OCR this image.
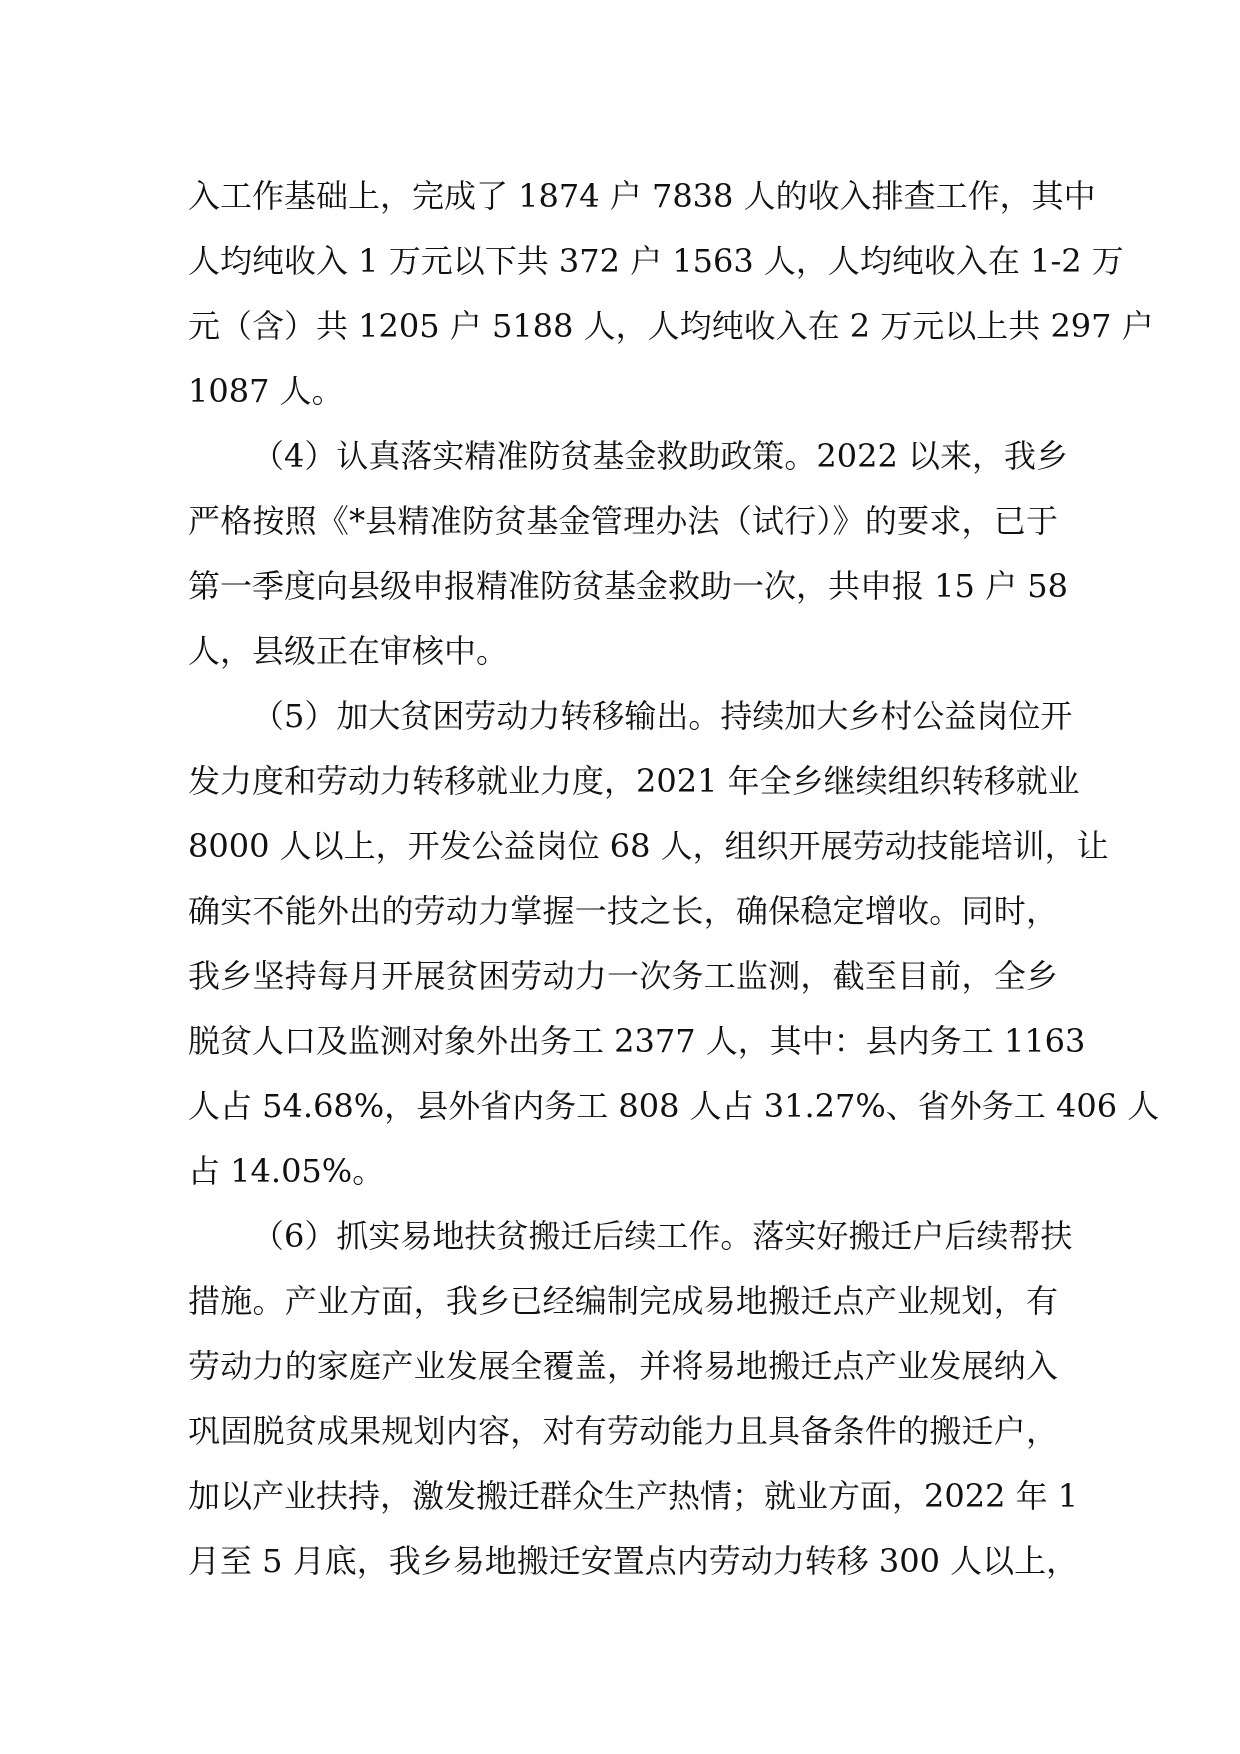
入工作基础上，完成了 1874 户 7838 人的收入排查工作，其中
人均纯收入 1 万元以下共 372 户 1563 人，人均纯收入在 1-2 万
元（含）共 1205 户 5188 人，人均纯收入在 2 万元以上共 297 户
1087 人。
（4）认真落实精准防贫基金救助政策。2022 以来，我乡
严格按照《*县精准防贫基金管理办法（试行）》的要求，已于
第一季度向县级申报精准防贫基金救助一次，共申报 15 户 58
人，县级正在审核中。
（5）加大贫困劳动力转移输出。持续加大乡村公益岗位开
发力度和劳动力转移就业力度，2021 年全乡继续组织转移就业
8000 人以上，开发公益岗位 68 人，组织开展劳动技能培训，让
确实不能外出的劳动力掌握一技之长，确保稳定增收。同时，
我乡坚持每月开展贫困劳动力一次务工监测，截至目前，全乡
脱贫人口及监测对象外出务工 2377 人，其中：县内务工 1163
人占 54.68%，县外省内务工 808 人占 31.27%、省外务工 406 人
占 14.05%。
（6）抓实易地扶贫搬迁后续工作。落实好搬迁户后续帮扶
措施。产业方面，我乡已经编制完成易地搬迁点产业规划，有
劳动力的家庭产业发展全覆盖，并将易地搬迁点产业发展纳入
巩固脱贫成果规划内容，对有劳动能力且具备条件的搬迁户，
加以产业扶持，激发搬迁群众生产热情；就业方面，2022 年 1
月至 5 月底，我乡易地搬迁安置点内劳动力转移 300 人以上，
